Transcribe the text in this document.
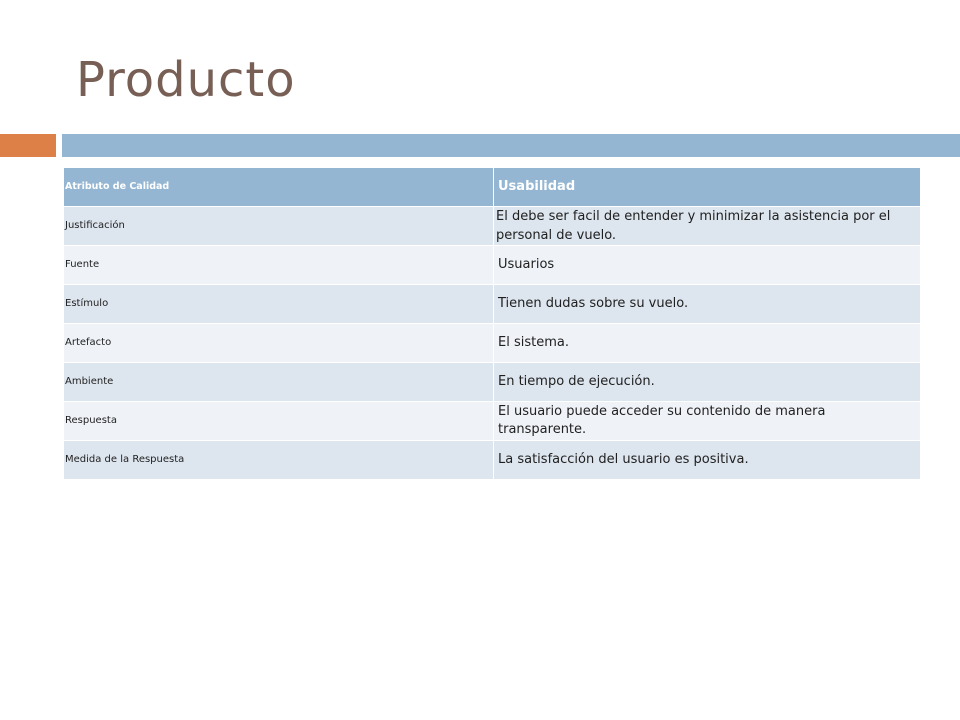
Producto
Atributo de Calidad	Usabilidad
Justificación	El debe ser facil de entender y minimizar la asistencia por el personal de vuelo.
Fuente	Usuarios
Estímulo	Tienen dudas sobre su vuelo.
Artefacto	El sistema.
Ambiente	En tiempo de ejecución.
Respuesta	El usuario puede acceder su contenido de manera transparente.
Medida de la Respuesta	La satisfacción del usuario es positiva.
